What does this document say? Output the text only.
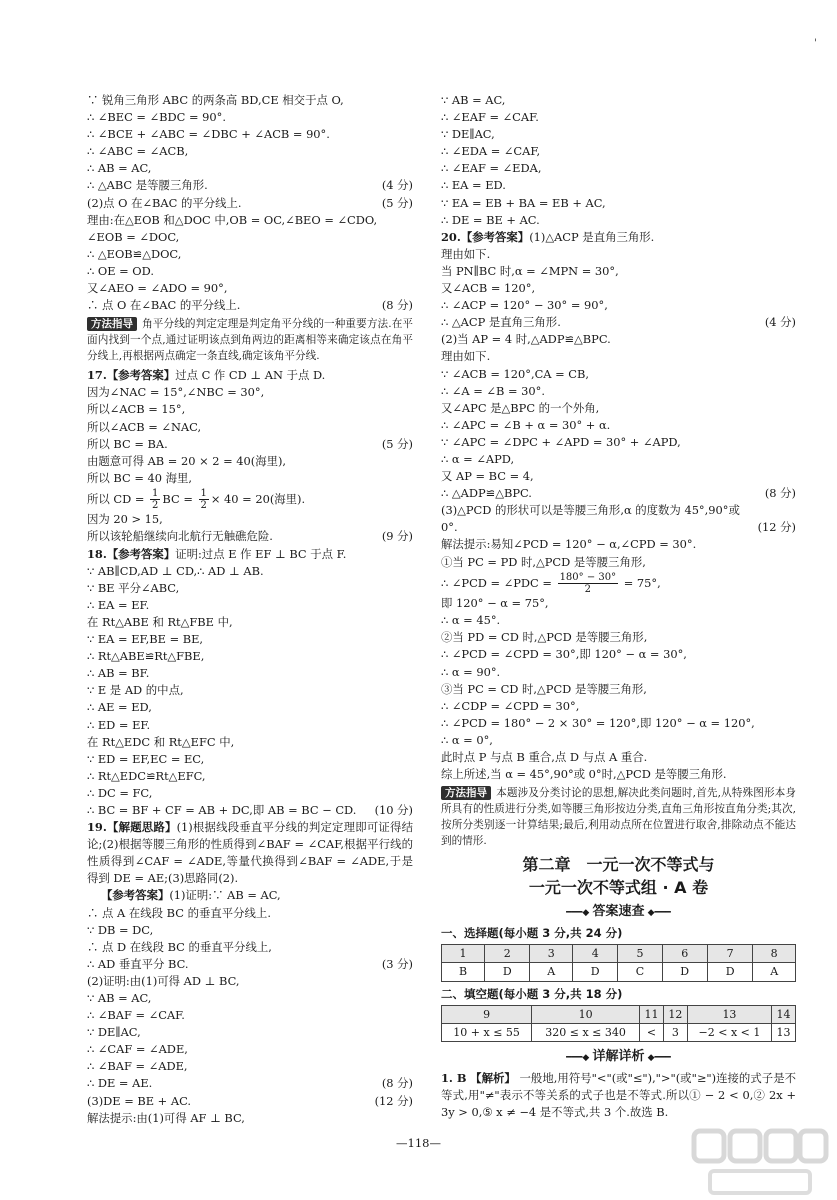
'
∵ 锐角三角形 ABC 的两条高 BD,CE 相交于点 O,
∴ ∠BEC = ∠BDC = 90°.
∴ ∠BCE + ∠ABC = ∠DBC + ∠ACB = 90°.
∴ ∠ABC = ∠ACB,
∴ AB = AC,
∴ △ABC 是等腰三角形.	(4 分)
(2)点 O 在∠BAC 的平分线上.	(5 分)
理由:在△EOB 和△DOC 中,OB = OC,∠BEO = ∠CDO,
∠EOB = ∠DOC,
∴ △EOB≌△DOC,
∴ OE = OD.
又∠AEO = ∠ADO = 90°,
∴ 点 O 在∠BAC 的平分线上.	(8 分)
方法指导 角平分线的判定定理是判定角平分线的一种重要方法.在平面内找到一个点,通过证明该点到角两边的距离相等来确定该点在角平分线上,再根据两点确定一条直线,确定该角平分线.
17.【参考答案】过点 C 作 CD ⊥ AN 于点 D.
因为∠NAC = 15°,∠NBC = 30°,
所以∠ACB = 15°,
所以∠ACB = ∠NAC,
所以 BC = BA.	(5 分)
由题意可得 AB = 20 × 2 = 40(海里),
所以 BC = 40 海里,
所以 CD = $\frac{1}{2}$ BC = $\frac{1}{2} \times 40 = 20$(海里).
因为 20 > 15,
所以该轮船继续向北航行无触礁危险.	(9 分)
18.【参考答案】证明:过点 E 作 EF ⊥ BC 于点 F.
∵ AB∥CD,AD ⊥ CD,∴ AD ⊥ AB.
∵ BE 平分∠ABC,
∴ EA = EF.
在 Rt△ABE 和 Rt△FBE 中,
∵ EA = EF,BE = BE,
∴ Rt△ABE≌Rt△FBE,
∴ AB = BF.
∵ E 是 AD 的中点,
∴ AE = ED,
∴ ED = EF.
在 Rt△EDC 和 Rt△EFC 中,
∵ ED = EF,EC = EC,
∴ Rt△EDC≌Rt△EFC,
∴ DC = FC,
∴ BC = BF + CF = AB + DC,即 AB = BC − CD. (10 分)
19.【解题思路】(1)根据线段垂直平分线的判定定理即可证得结论;(2)根据等腰三角形的性质得到∠BAF = ∠CAF,根据平行线的性质得到∠CAF = ∠ADE,等量代换得到∠BAF = ∠ADE,于是得到 DE = AE;(3)思路同(2).
【参考答案】(1)证明:∵ AB = AC,
∴ 点 A 在线段 BC 的垂直平分线上.
∵ DB = DC,
∴ 点 D 在线段 BC 的垂直平分线上,
∴ AD 垂直平分 BC.	(3 分)
(2)证明:由(1)可得 AD ⊥ BC,
∵ AB = AC,
∴ ∠BAF = ∠CAF.
∵ DE∥AC,
∴ ∠CAF = ∠ADE,
∴ ∠BAF = ∠ADE,
∴ DE = AE.	(8 分)
(3)DE = BE + AC.	(12 分)
解法提示:由(1)可得 AF ⊥ BC,
∵ AB = AC,
∴ ∠EAF = ∠CAF.
∵ DE∥AC,
∴ ∠EDA = ∠CAF,
∴ ∠EAF = ∠EDA,
∴ EA = ED.
∵ EA = EB + BA = EB + AC,
∴ DE = BE + AC.
20.【参考答案】(1)△ACP 是直角三角形.
理由如下.
当 PN∥BC 时,α = ∠MPN = 30°,
又∠ACB = 120°,
∴ ∠ACP = 120° − 30° = 90°,
∴ △ACP 是直角三角形.	(4 分)
(2)当 AP = 4 时,△ADP≌△BPC.
理由如下.
∵ ∠ACB = 120°,CA = CB,
∴ ∠A = ∠B = 30°.
又∠APC 是△BPC 的一个外角,
∴ ∠APC = ∠B + α = 30° + α.
∵ ∠APC = ∠DPC + ∠APD = 30° + ∠APD,
∴ α = ∠APD,
又 AP = BC = 4,
∴ △ADP≌△BPC.	(8 分)
(3)△PCD 的形状可以是等腰三角形,α 的度数为 45°,90°或
0°.	(12 分)
解法提示:易知∠PCD = 120° − α,∠CPD = 30°.
①当 PC = PD 时,△PCD 是等腰三角形,
∴ ∠PCD = ∠PDC = $\frac{180^\circ - 30^\circ}{2} = 75^\circ$,
即 120° − α = 75°,
∴ α = 45°.
②当 PD = CD 时,△PCD 是等腰三角形,
∴ ∠PCD = ∠CPD = 30°,即 120° − α = 30°,
∴ α = 90°.
③当 PC = CD 时,△PCD 是等腰三角形,
∴ ∠CDP = ∠CPD = 30°,
∴ ∠PCD = 180° − 2 × 30° = 120°,即 120° − α = 120°,
∴ α = 0°,
此时点 P 与点 B 重合,点 D 与点 A 重合.
综上所述,当 α = 45°,90°或 0°时,△PCD 是等腰三角形.
方法指导 本题涉及分类讨论的思想,解决此类问题时,首先,从特殊图形本身所具有的性质进行分类,如等腰三角形按边分类,直角三角形按直角分类;其次,按所分类别逐一计算结果;最后,利用动点所在位置进行取舍,排除动点不能达到的情形.
第二章　一元一次不等式与
一元一次不等式组 · A 卷
━━━◆ 答案速查 ◆━━━
一、选择题(每小题 3 分,共 24 分)
1	2	3	4	5	6	7	8
B	D	A	D	C	D	D	A
二、填空题(每小题 3 分,共 18 分)
9	10	11	12	13	14
10 + x ≤ 55	320 ≤ x ≤ 340	<	3	−2 < x < 1	13
━━━◆ 详解详析 ◆━━━
1. B 【解析】 一般地,用符号"<"(或"≤"),">"(或"≥")连接的式子是不等式,用"≠"表示不等关系的式子也是不等式.所以① − 2 < 0,② 2x + 3y > 0,⑤ x ≠ −4 是不等式,共 3 个.故选 B.
—118—
